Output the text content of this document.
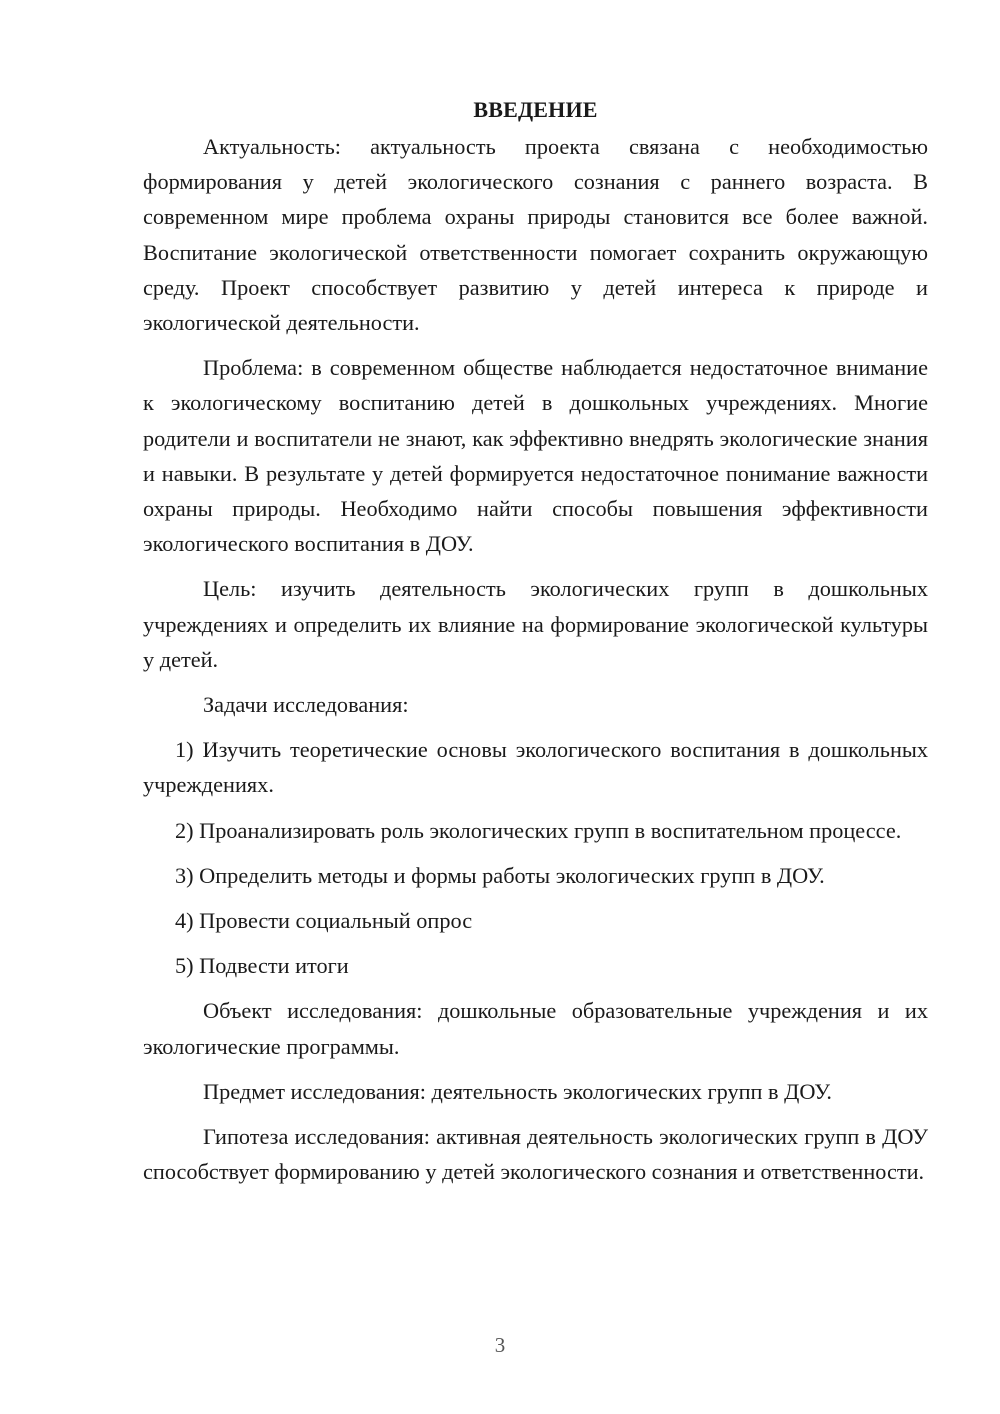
ВВЕДЕНИЕ

Актуальность: актуальность проекта связана с необходимостью формирования у детей экологического сознания с раннего возраста. В современном мире проблема охраны природы становится все более важной. Воспитание экологической ответственности помогает сохранить окружающую среду. Проект способствует развитию у детей интереса к природе и экологической деятельности.

Проблема: в современном обществе наблюдается недостаточное внимание к экологическому воспитанию детей в дошкольных учреждениях. Многие родители и воспитатели не знают, как эффективно внедрять экологические знания и навыки. В результате у детей формируется недостаточное понимание важности охраны природы. Необходимо найти способы повышения эффективности экологического воспитания в ДОУ.

Цель: изучить деятельность экологических групп в дошкольных учреждениях и определить их влияние на формирование экологической культуры у детей.

Задачи исследования:

1) Изучить теоретические основы экологического воспитания в дошкольных учреждениях.

2) Проанализировать роль экологических групп в воспитательном процессе.

3) Определить методы и формы работы экологических групп в ДОУ.

4) Провести социальный опрос

5) Подвести итоги

Объект исследования: дошкольные образовательные учреждения и их экологические программы.

Предмет исследования: деятельность экологических групп в ДОУ.

Гипотеза исследования: активная деятельность экологических групп в ДОУ способствует формированию у детей экологического сознания и ответственности.

3
